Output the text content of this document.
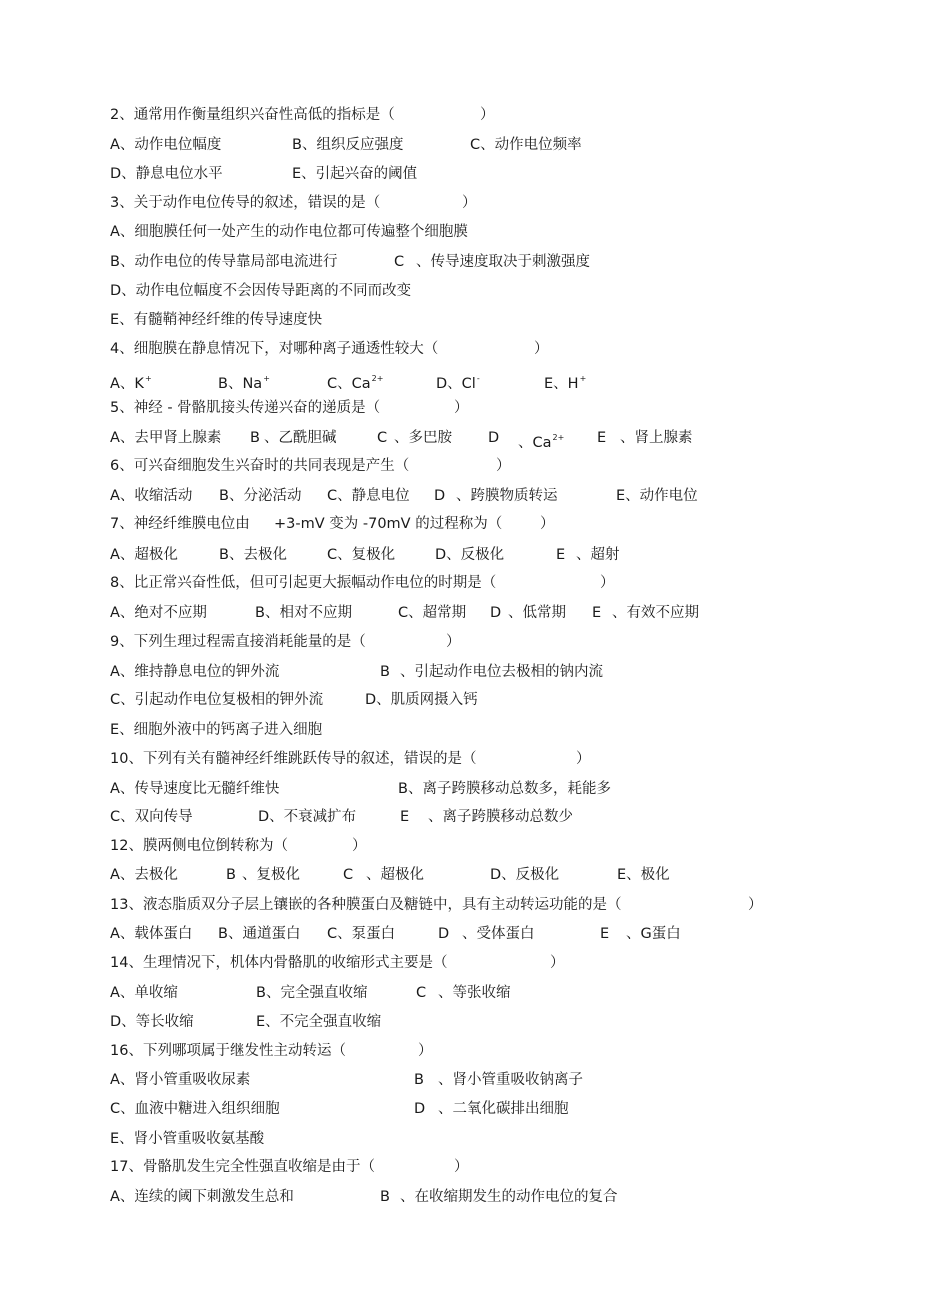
2、通常用作衡量组织兴奋性高低的指标是（	）
A、动作电位幅度	B、组织反应强度	C、动作电位频率
D、静息电位水平	E、引起兴奋的阈值
3、关于动作电位传导的叙述，错误的是（	）
A、细胞膜任何一处产生的动作电位都可传遍整个细胞膜
B、动作电位的传导靠局部电流进行	C 、传导速度取决于刺激强度
D、动作电位幅度不会因传导距离的不同而改变
E、有髓鞘神经纤维的传导速度快
4、细胞膜在静息情况下，对哪种离子通透性较大（	）
A、K+	B、Na+	C、$Ca^{2+}$	D、Cl-	E、H+
5、神经 - 骨骼肌接头传递兴奋的递质是（	）
A、去甲肾上腺素 B 、乙酰胆碱	C 、多巴胺 D 、$Ca^{2+}$ E 、肾上腺素
6、可兴奋细胞发生兴奋时的共同表现是产生（	）
A、收缩活动 B、分泌活动 C、静息电位 D 、跨膜物质转运	E、动作电位
7、神经纤维膜电位由 +3-mV 变为 -70mV 的过程称为（	）
A、超极化	B、去极化	C、复极化	D、反极化	E 、超射
8、比正常兴奋性低，但可引起更大振幅动作电位的时期是（	）
A、绝对不应期	B、相对不应期	C、超常期 D 、低常期 E 、有效不应期
9、下列生理过程需直接消耗能量的是（	）
A、维持静息电位的钾外流	B 、引起动作电位去极相的钠内流
C、引起动作电位复极相的钾外流	D、肌质网摄入钙
E、细胞外液中的钙离子进入细胞
10、下列有关有髓神经纤维跳跃传导的叙述，错误的是（	）
A、传导速度比无髓纤维快	B、离子跨膜移动总数多，耗能多
C、双向传导	D、不衰减扩布	E 、离子跨膜移动总数少
12、膜两侧电位倒转称为（	）
A、去极化	B 、复极化	C 、超极化	D、反极化	E、极化
13、液态脂质双分子层上镶嵌的各种膜蛋白及糖链中，具有主动转运功能的是（	）
A、载体蛋白 B、通道蛋白 C、泵蛋白	D 、受体蛋白	E 、G蛋白
14、生理情况下，机体内骨骼肌的收缩形式主要是（	）
A、单收缩	B、完全强直收缩	C 、等张收缩
D、等长收缩	E、不完全强直收缩
16、下列哪项属于继发性主动转运（	）
A、肾小管重吸收尿素	B 、肾小管重吸收钠离子
C、血液中糖进入组织细胞	D 、二氧化碳排出细胞
E、肾小管重吸收氨基酸
17、骨骼肌发生完全性强直收缩是由于（	）
A、连续的阈下刺激发生总和	B 、在收缩期发生的动作电位的复合
